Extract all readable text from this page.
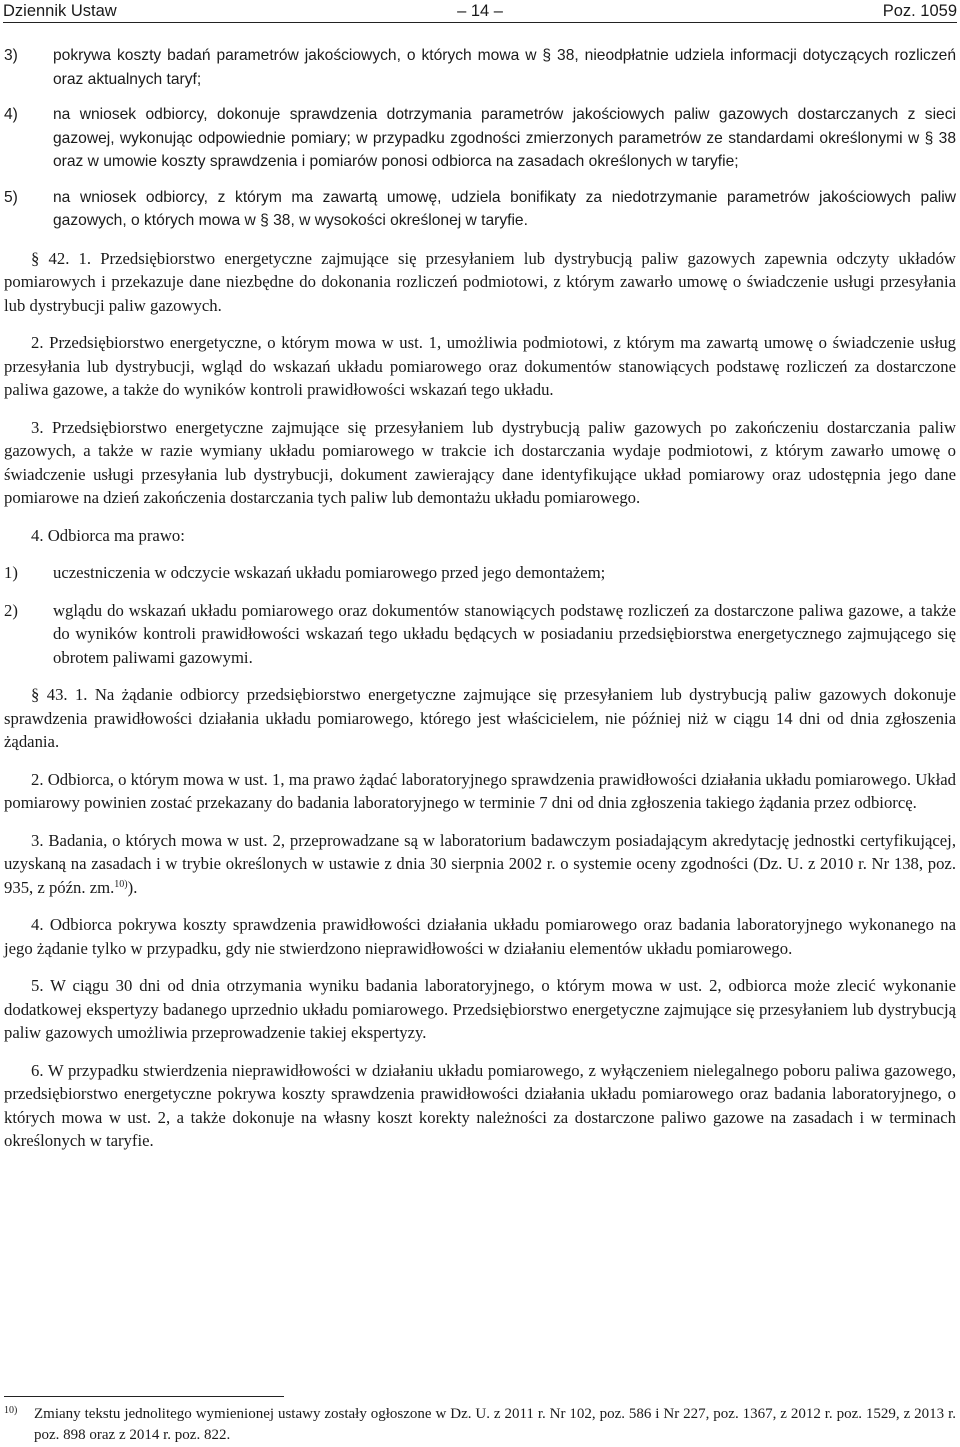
Dziennik Ustaw	– 14 –	Poz. 1059

3) pokrywa koszty badań parametrów jakościowych, o których mowa w § 38, nieodpłatnie udziela informacji dotyczących rozliczeń oraz aktualnych taryf;

4) na wniosek odbiorcy, dokonuje sprawdzenia dotrzymania parametrów jakościowych paliw gazowych dostarczanych z sieci gazowej, wykonując odpowiednie pomiary; w przypadku zgodności zmierzonych parametrów ze standardami określonymi w § 38 oraz w umowie koszty sprawdzenia i pomiarów ponosi odbiorca na zasadach określonych w taryfie;

5) na wniosek odbiorcy, z którym ma zawartą umowę, udziela bonifikaty za niedotrzymanie parametrów jakościowych paliw gazowych, o których mowa w § 38, w wysokości określonej w taryfie.

§ 42. 1. Przedsiębiorstwo energetyczne zajmujące się przesyłaniem lub dystrybucją paliw gazowych zapewnia odczyty układów pomiarowych i przekazuje dane niezbędne do dokonania rozliczeń podmiotowi, z którym zawarło umowę o świadczenie usługi przesyłania lub dystrybucji paliw gazowych.

2. Przedsiębiorstwo energetyczne, o którym mowa w ust. 1, umożliwia podmiotowi, z którym ma zawartą umowę o świadczenie usług przesyłania lub dystrybucji, wgląd do wskazań układu pomiarowego oraz dokumentów stanowiących podstawę rozliczeń za dostarczone paliwa gazowe, a także do wyników kontroli prawidłowości wskazań tego układu.

3. Przedsiębiorstwo energetyczne zajmujące się przesyłaniem lub dystrybucją paliw gazowych po zakończeniu dostarczania paliw gazowych, a także w razie wymiany układu pomiarowego w trakcie ich dostarczania wydaje podmiotowi, z którym zawarło umowę o świadczenie usługi przesyłania lub dystrybucji, dokument zawierający dane identyfikujące układ pomiarowy oraz udostępnia jego dane pomiarowe na dzień zakończenia dostarczania tych paliw lub demontażu układu pomiarowego.

4. Odbiorca ma prawo:

1) uczestniczenia w odczycie wskazań układu pomiarowego przed jego demontażem;

2) wglądu do wskazań układu pomiarowego oraz dokumentów stanowiących podstawę rozliczeń za dostarczone paliwa gazowe, a także do wyników kontroli prawidłowości wskazań tego układu będących w posiadaniu przedsiębiorstwa energetycznego zajmującego się obrotem paliwami gazowymi.

§ 43. 1. Na żądanie odbiorcy przedsiębiorstwo energetyczne zajmujące się przesyłaniem lub dystrybucją paliw gazowych dokonuje sprawdzenia prawidłowości działania układu pomiarowego, którego jest właścicielem, nie później niż w ciągu 14 dni od dnia zgłoszenia żądania.

2. Odbiorca, o którym mowa w ust. 1, ma prawo żądać laboratoryjnego sprawdzenia prawidłowości działania układu pomiarowego. Układ pomiarowy powinien zostać przekazany do badania laboratoryjnego w terminie 7 dni od dnia zgłoszenia takiego żądania przez odbiorcę.

3. Badania, o których mowa w ust. 2, przeprowadzane są w laboratorium badawczym posiadającym akredytację jednostki certyfikującej, uzyskaną na zasadach i w trybie określonych w ustawie z dnia 30 sierpnia 2002 r. o systemie oceny zgodności (Dz. U. z 2010 r. Nr 138, poz. 935, z późn. zm.$^{10)}$).

4. Odbiorca pokrywa koszty sprawdzenia prawidłowości działania układu pomiarowego oraz badania laboratoryjnego wykonanego na jego żądanie tylko w przypadku, gdy nie stwierdzono nieprawidłowości w działaniu elementów układu pomiarowego.

5. W ciągu 30 dni od dnia otrzymania wyniku badania laboratoryjnego, o którym mowa w ust. 2, odbiorca może zlecić wykonanie dodatkowej ekspertyzy badanego uprzednio układu pomiarowego. Przedsiębiorstwo energetyczne zajmujące się przesyłaniem lub dystrybucją paliw gazowych umożliwia przeprowadzenie takiej ekspertyzy.

6. W przypadku stwierdzenia nieprawidłowości w działaniu układu pomiarowego, z wyłączeniem nielegalnego poboru paliwa gazowego, przedsiębiorstwo energetyczne pokrywa koszty sprawdzenia prawidłowości działania układu pomiarowego oraz badania laboratoryjnego, o których mowa w ust. 2, a także dokonuje na własny koszt korekty należności za dostarczone paliwo gazowe na zasadach i w terminach określonych w taryfie.

10) Zmiany tekstu jednolitego wymienionej ustawy zostały ogłoszone w Dz. U. z 2011 r. Nr 102, poz. 586 i Nr 227, poz. 1367, z 2012 r. poz. 1529, z 2013 r. poz. 898 oraz z 2014 r. poz. 822.
